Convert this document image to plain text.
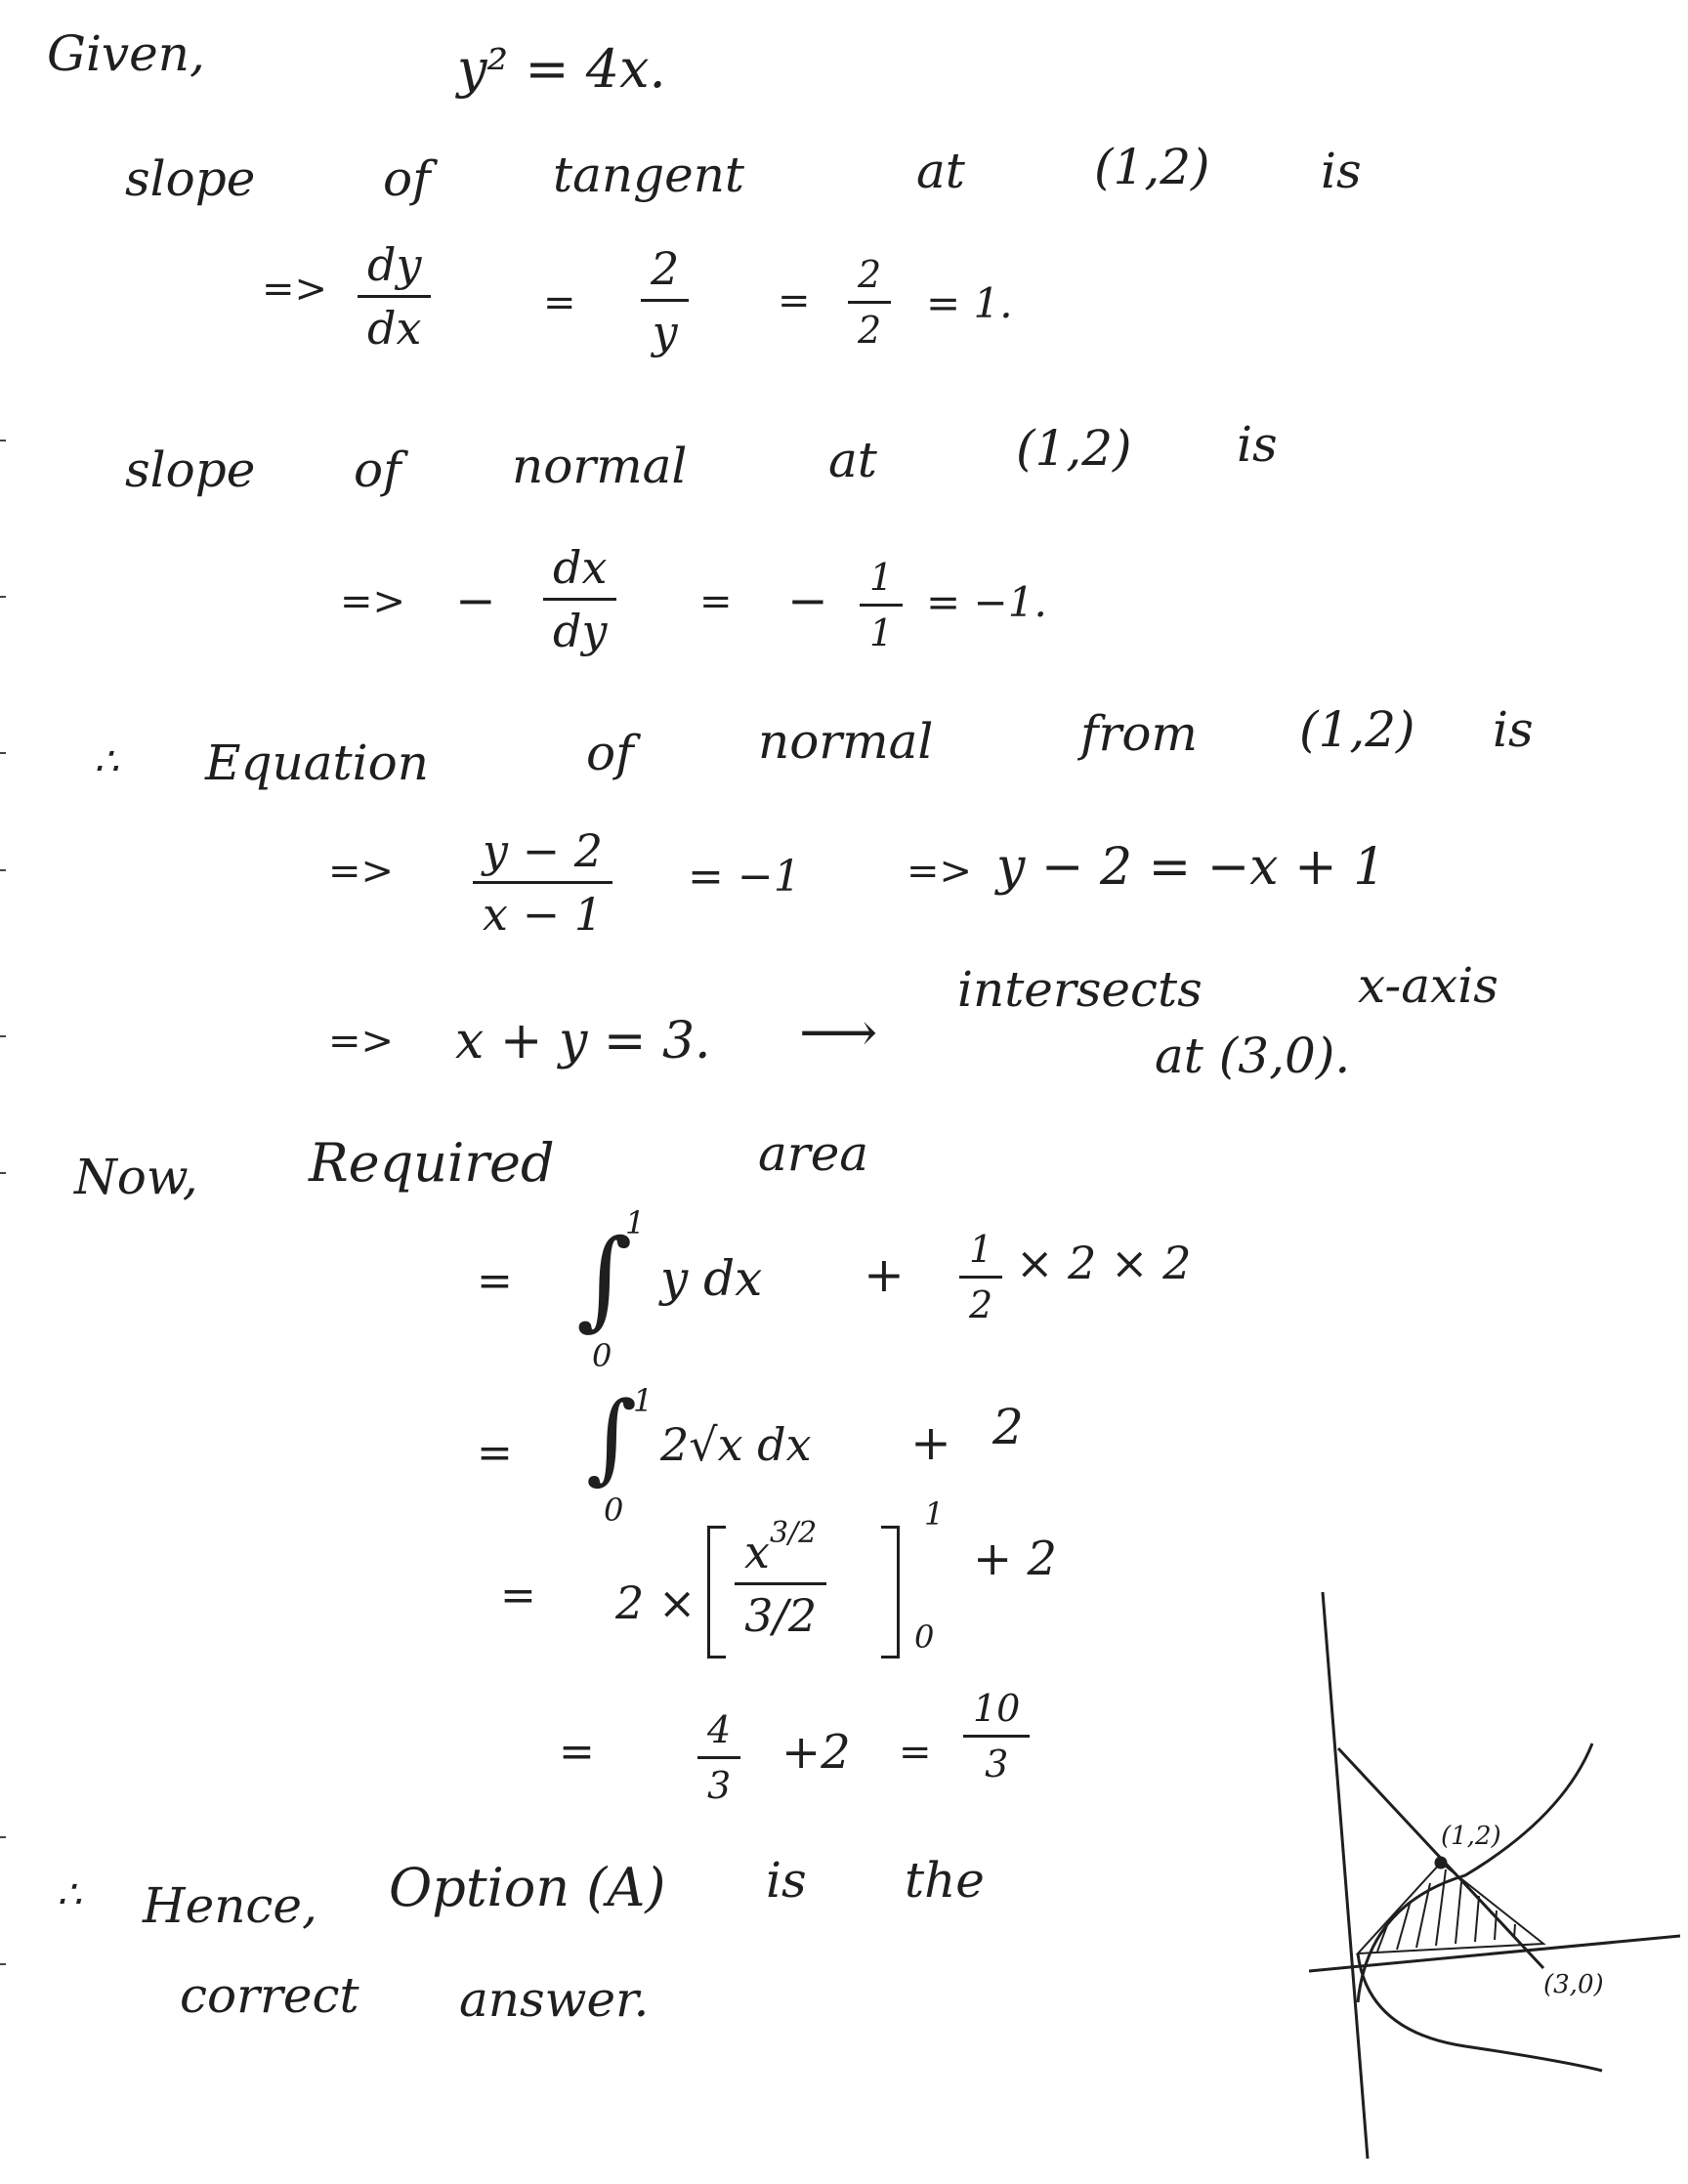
Given,	y² = 4x.
slope	of	tangent	at	(1,2) is
=> dy
dx	=
2
y
=
2
2
= 1.
slope of normal	at	(1,2) is
=> −
dx
dy
= − 1
1
= −1.
∴ Equation	of	normal	from (1,2) is
=> y − 2
x − 1
= −1	=> y − 2 = −x + 1
intersects	x-axis
=> x + y = 3. ⟶	at (3,0).
Now, Required	area
= ∫
1
0
y dx + 1
2
× 2 × 2
= ∫
1
0
2√x dx + 2
= 2 ×
$x^{3/2}$
3/2
1
0
+ 2
=	4
3
+2 =
10
3
∴ Hence, Option (A) is the
correct answer.
(1,2)
(3,0)
